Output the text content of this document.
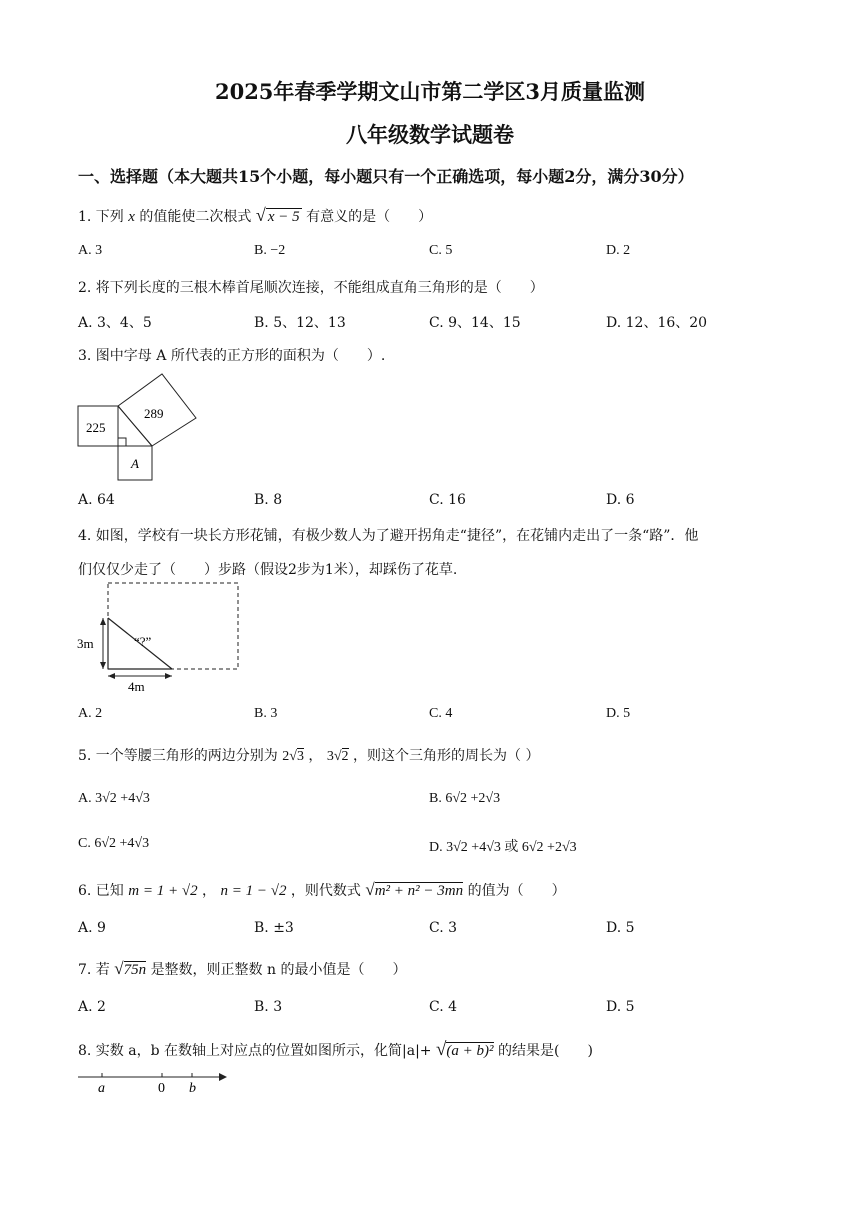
2025年春季学期文山市第二学区3月质量监测
八年级数学试题卷
一、选择题（本大题共15个小题，每小题只有一个正确选项，每小题2分，满分30分）
1. 下列 x 的值能使二次根式 √ x − 5 有意义的是（　　）
A. 3	B. −2	C. 5	D. 2
2. 将下列长度的三根木棒首尾顺次连接，不能组成直角三角形的是（　　）
A. 3、4、5	B. 5、12、13	C. 9、14、15	D. 12、16、20
3. 图中字母 A 所代表的正方形的面积为（　　）.
225
289
A
A. 64	B. 8	C. 16	D. 6
4. 如图，学校有一块长方形花铺，有极少数人为了避开拐角走“捷径”，在花铺内走出了一条“路”．他
们仅仅少走了（　　）步路（假设2步为1米），却踩伤了花草.
3m
4m
“?”
A. 2	B. 3	C. 4	D. 5
5. 一个等腰三角形的两边分别为 2√3 ， 3√2 ，则这个三角形的周长为（ ）
A. 3√2 +4√3	B. 6√2 +2√3
C. 6√2 +4√3	D. 3√2 +4√3 或 6√2 +2√3
6. 已知 m = 1 + √2 ， n = 1 − √2 ，则代数式 √m² + n² − 3mn 的值为（　　）
A. 9	B. ±3	C. 3	D. 5
7. 若 √75n 是整数，则正整数 n 的最小值是（　　）
A. 2	B. 3	C. 4	D. 5
8. 实数 a，b 在数轴上对应点的位置如图所示，化简|a|+ √(a + b)² 的结果是(　　)
a	0 b
